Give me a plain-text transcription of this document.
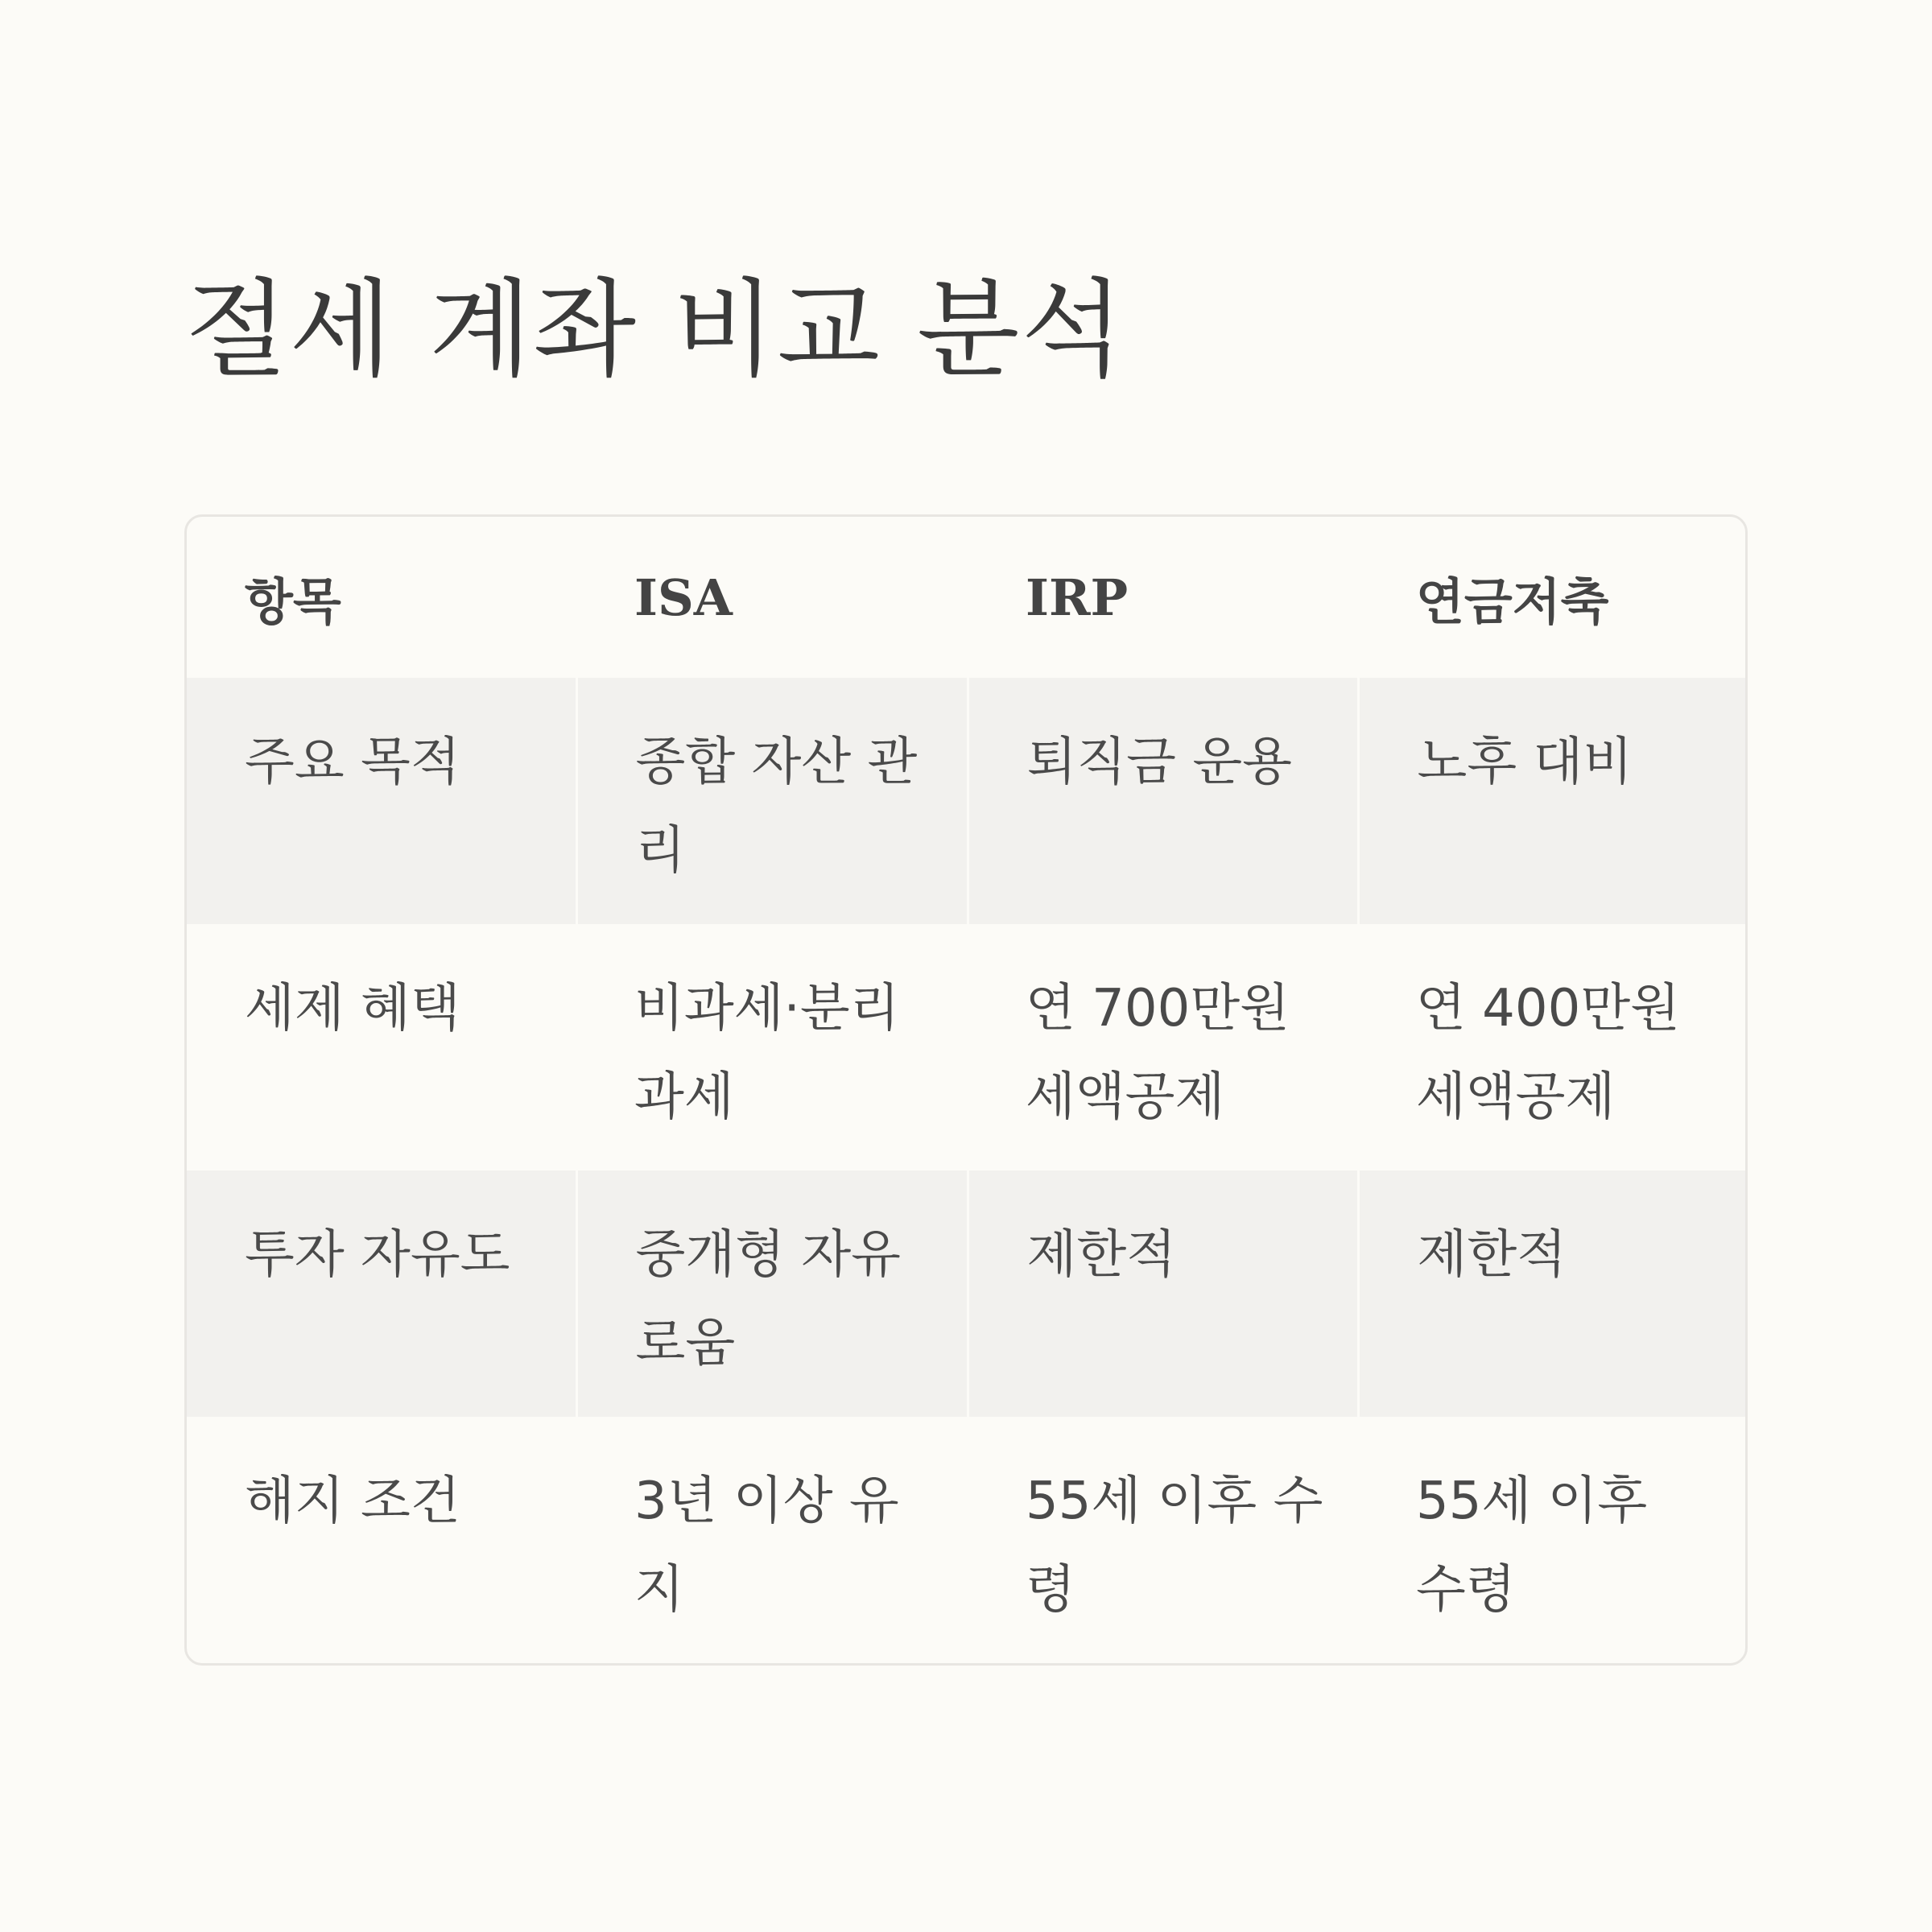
절세 계좌 비교 분석
항목	ISA	IRP	연금저축
주요 목적	종합 자산 관리	퇴직금 운용	노후 대비
세제 혜택	비과세·분리과세	연 700만원 세액공제	연 400만원 세액공제
투자 자유도	중개형 자유로움	제한적	제한적
해지 조건	3년 이상 유지	55세 이후 수령	55세 이후 수령
